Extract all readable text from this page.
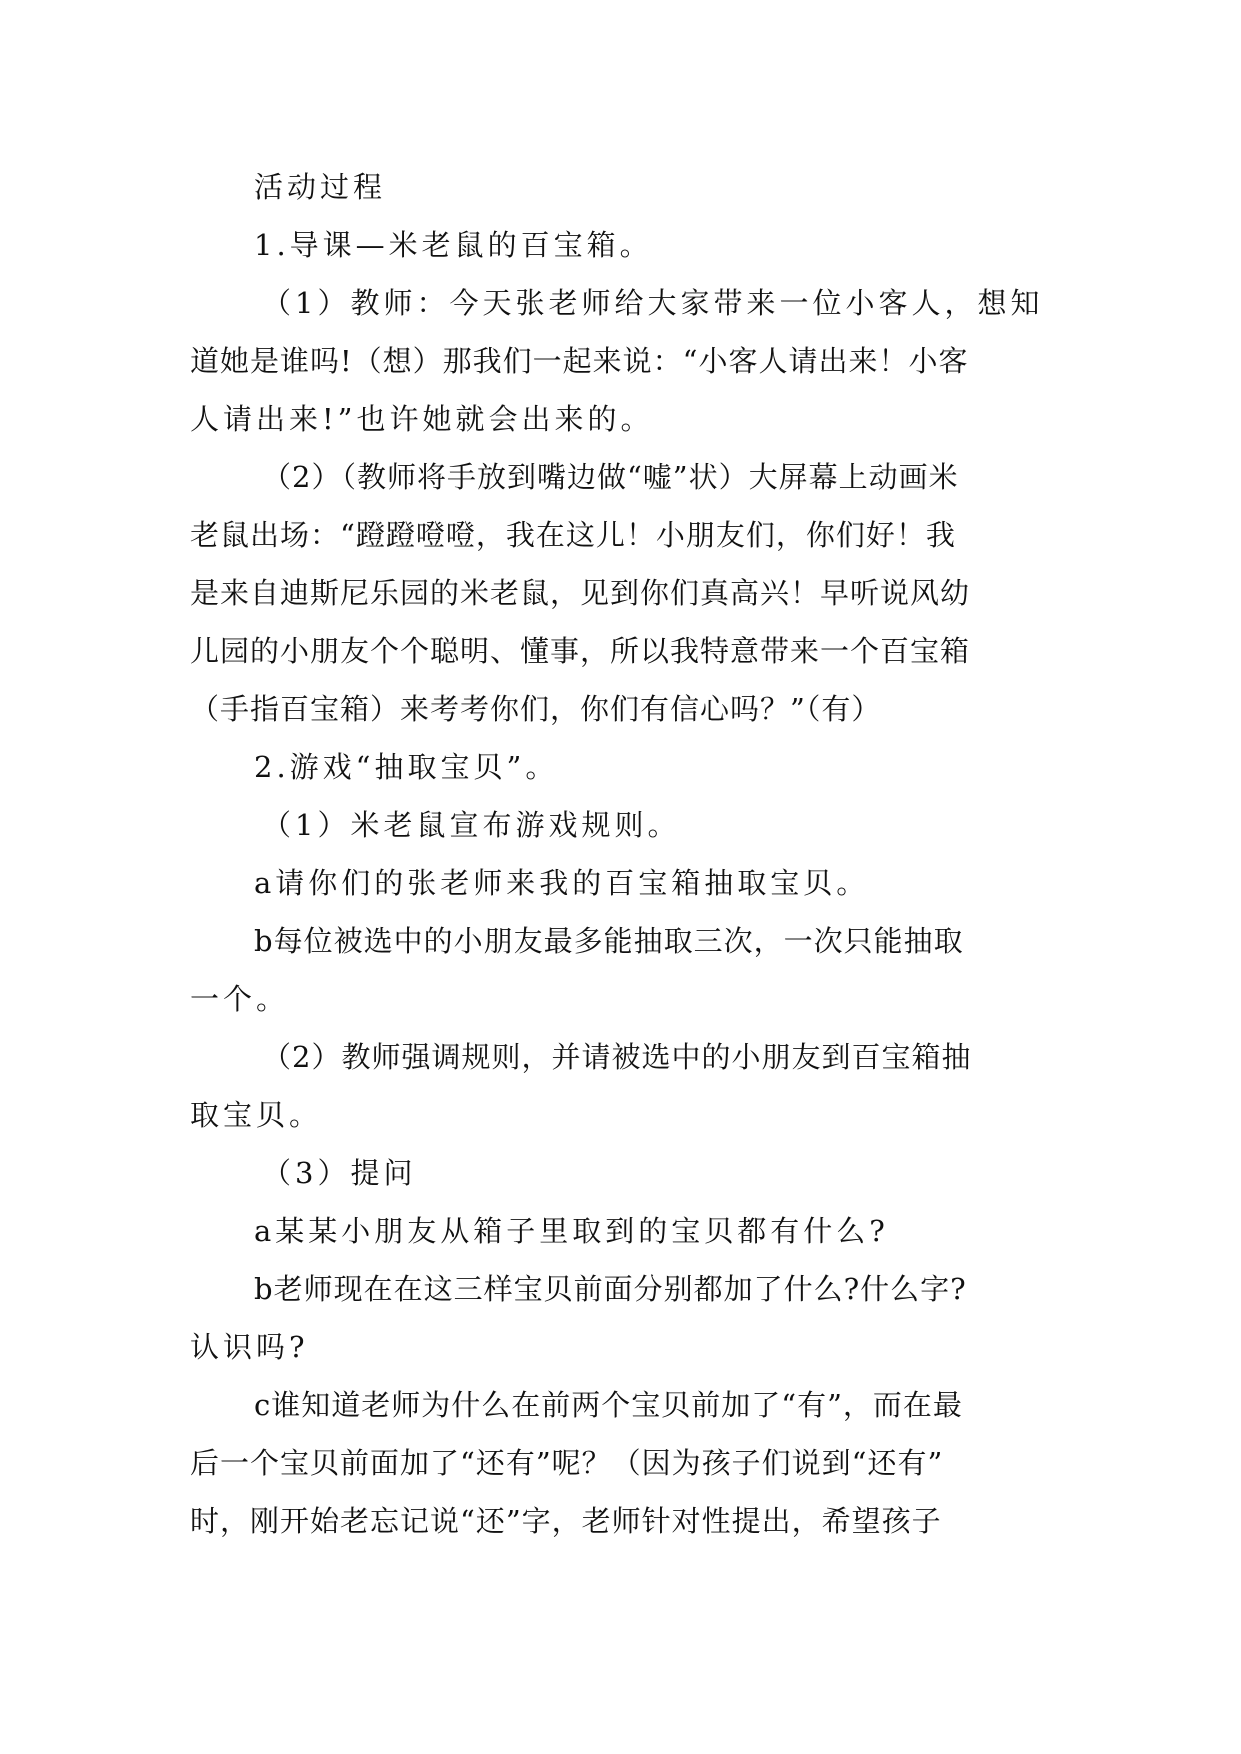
活动过程
1.导课—米老鼠的百宝箱。
（1）教师：今天张老师给大家带来一位小客人，想知
道她是谁吗!（想）那我们一起来说：“小客人请出来！小客
人请出来!”也许她就会出来的。
（2）（教师将手放到嘴边做“嘘”状）大屏幕上动画米
老鼠出场：“蹬蹬噔噔，我在这儿！小朋友们，你们好！我
是来自迪斯尼乐园的米老鼠，见到你们真高兴！早听说风幼
儿园的小朋友个个聪明、懂事，所以我特意带来一个百宝箱
（手指百宝箱）来考考你们，你们有信心吗？”（有）
2.游戏“抽取宝贝”。
（1）米老鼠宣布游戏规则。
a请你们的张老师来我的百宝箱抽取宝贝。
b每位被选中的小朋友最多能抽取三次，一次只能抽取
一个。
（2）教师强调规则，并请被选中的小朋友到百宝箱抽
取宝贝。
（3）提问
a某某小朋友从箱子里取到的宝贝都有什么?
b老师现在在这三样宝贝前面分别都加了什么?什么字?
认识吗?
c谁知道老师为什么在前两个宝贝前加了“有”，而在最
后一个宝贝前面加了“还有”呢？（因为孩子们说到“还有”
时，刚开始老忘记说“还”字，老师针对性提出，希望孩子
